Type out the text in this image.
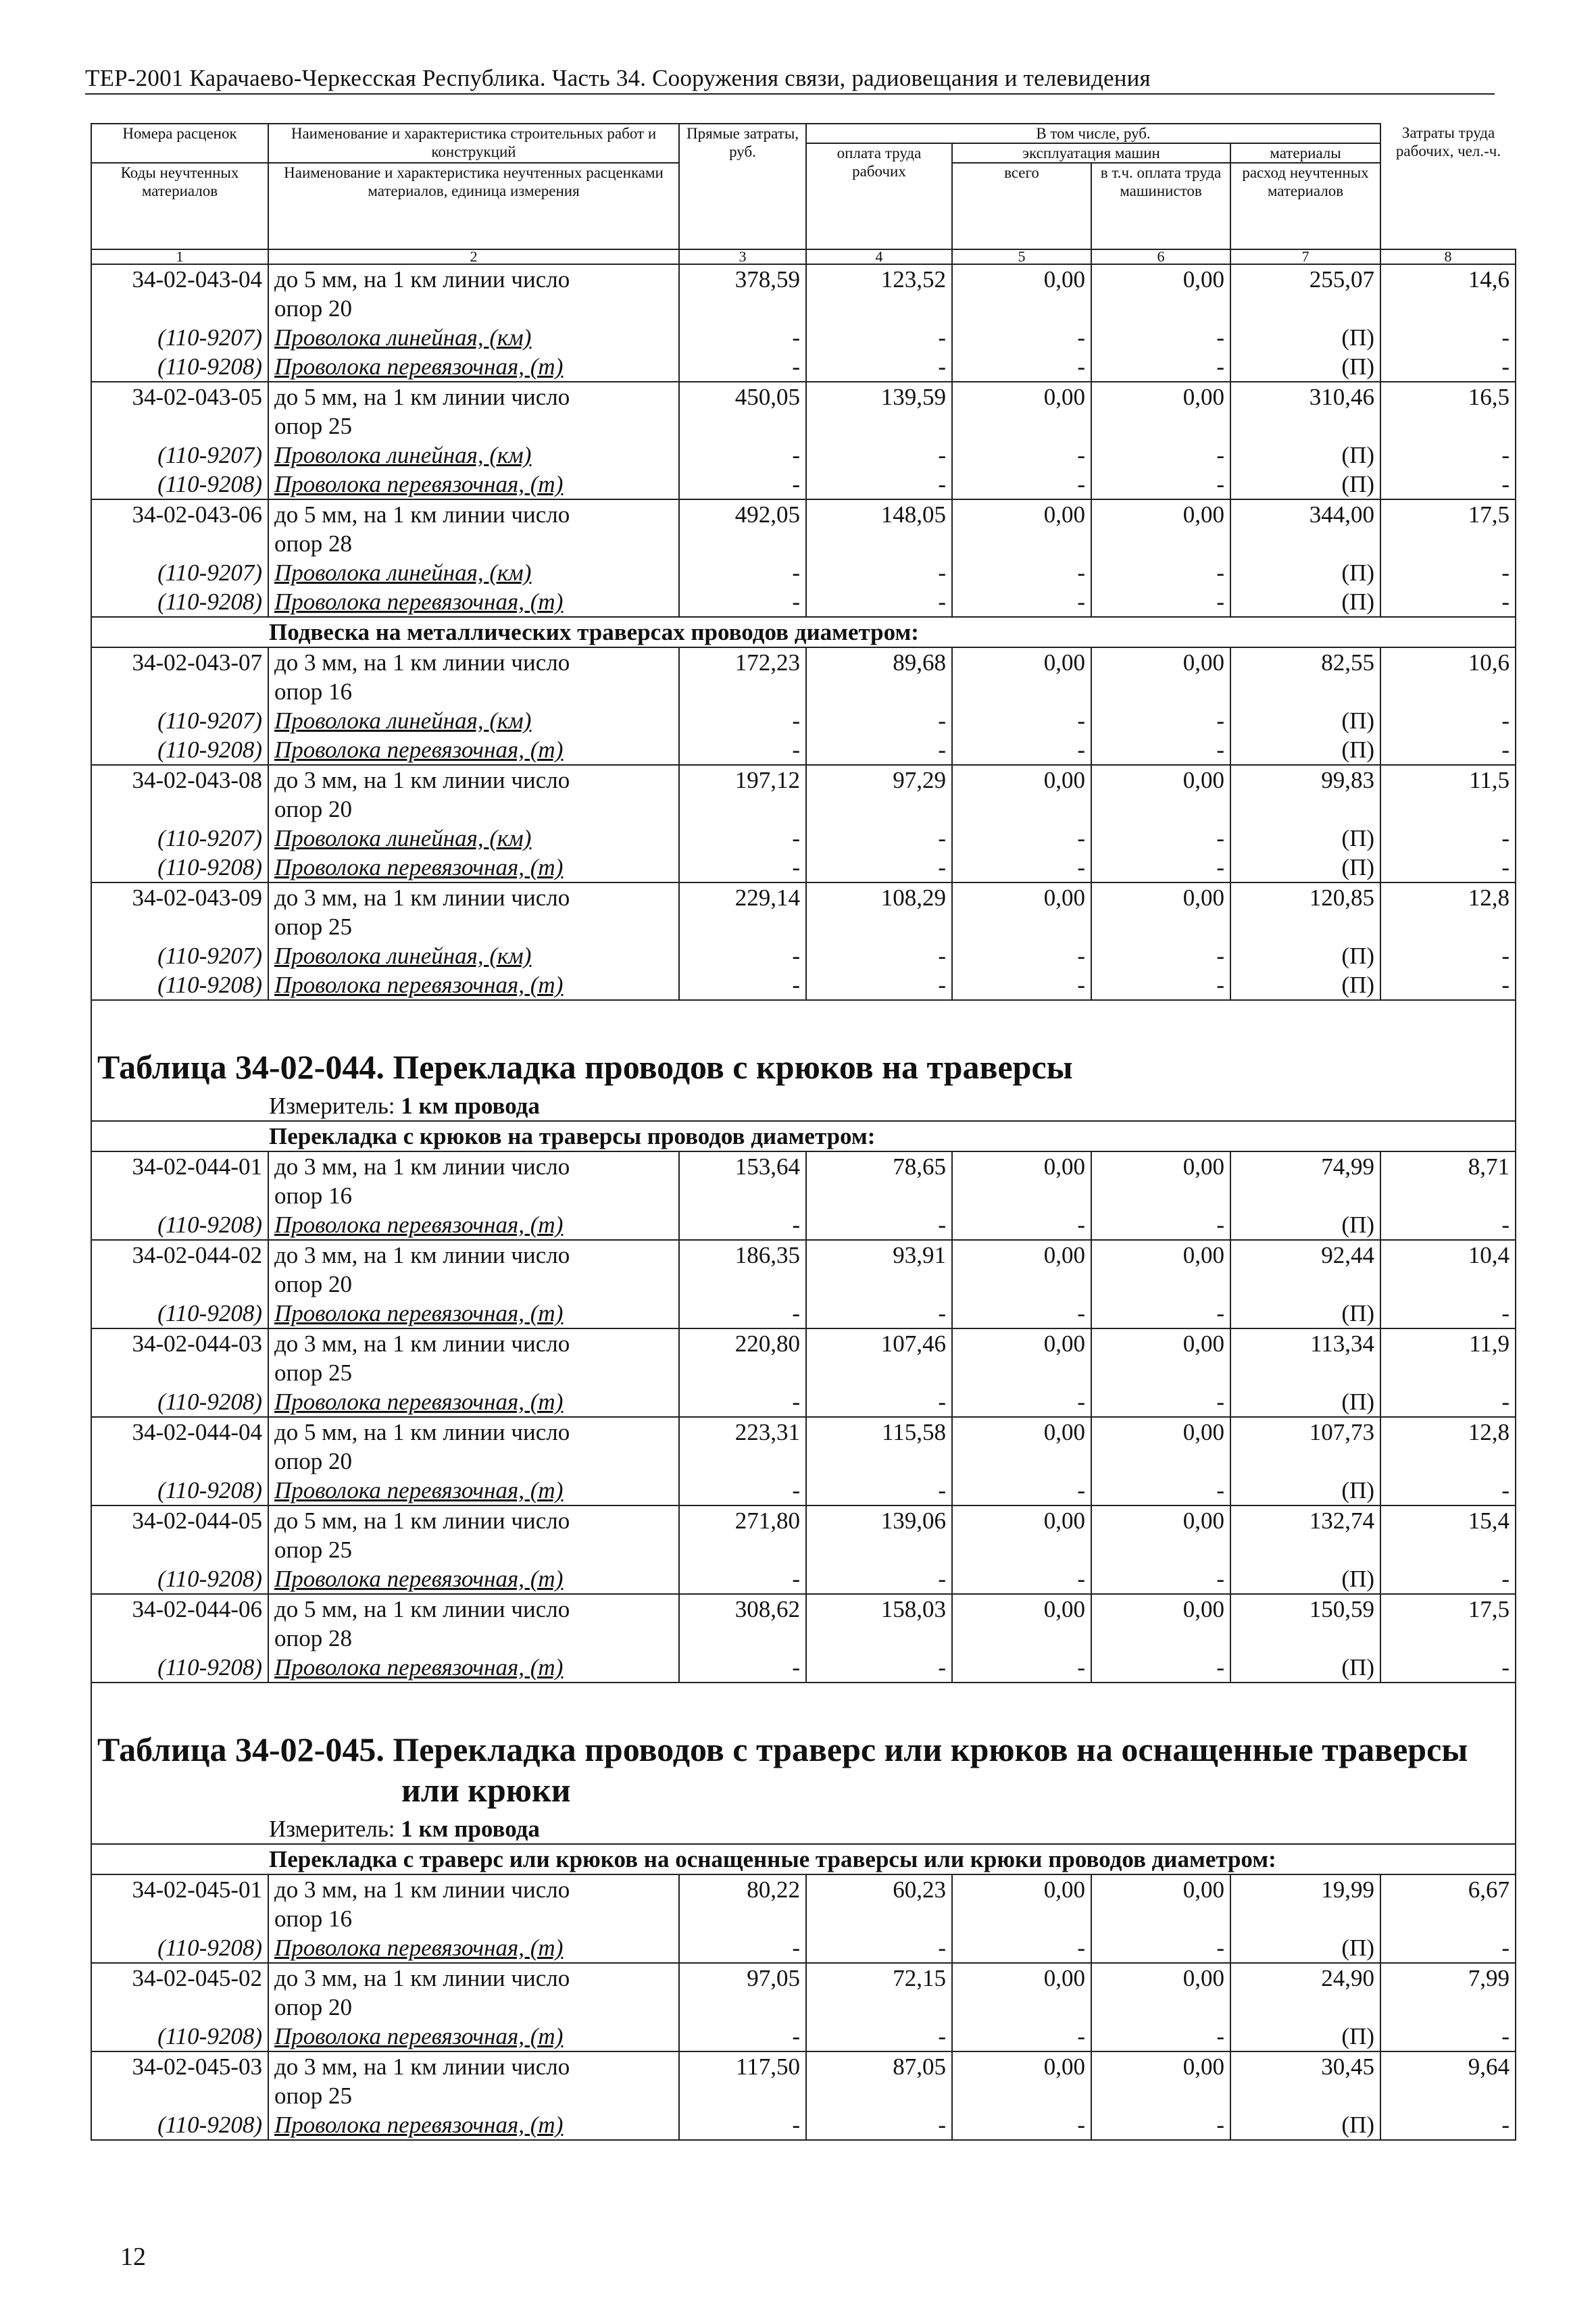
ТЕР-2001 Карачаево-Черкесская Республика. Часть 34. Сооружения связи, радиовещания и телевидения
Номера расценок	Наименование и характеристика строительных работ и конструкций	Прямые затраты, руб.	В том числе, руб.				Затраты труда рабочих, чел.-ч.
			оплата труда рабочих	эксплуатация машин		материалы	
Коды неучтенных материалов	Наименование и характеристика неучтенных расценками материалов, единица измерения			всего	в т.ч. оплата труда машинистов	расход неучтенных материалов	

1	2	3	4	5	6	7	8
34-02-043-04	до 5 мм, на 1 км линии число	378,59	123,52	0,00	0,00	255,07	14,6
	опор 20						
(110-9207)	Проволока линейная, (км)	-	-	-	-	(П)	-
(110-9208)	Проволока перевязочная, (т)	-	-	-	-	(П)	-
34-02-043-05	до 5 мм, на 1 км линии число	450,05	139,59	0,00	0,00	310,46	16,5
	опор 25						
(110-9207)	Проволока линейная, (км)	-	-	-	-	(П)	-
(110-9208)	Проволока перевязочная, (т)	-	-	-	-	(П)	-
34-02-043-06	до 5 мм, на 1 км линии число	492,05	148,05	0,00	0,00	344,00	17,5
	опор 28						
(110-9207)	Проволока линейная, (км)	-	-	-	-	(П)	-
(110-9208)	Проволока перевязочная, (т)	-	-	-	-	(П)	-
Подвеска на металлических траверсах проводов диаметром:							
34-02-043-07	до 3 мм, на 1 км линии число	172,23	89,68	0,00	0,00	82,55	10,6
	опор 16						
(110-9207)	Проволока линейная, (км)	-	-	-	-	(П)	-
(110-9208)	Проволока перевязочная, (т)	-	-	-	-	(П)	-
34-02-043-08	до 3 мм, на 1 км линии число	197,12	97,29	0,00	0,00	99,83	11,5
	опор 20						
(110-9207)	Проволока линейная, (км)	-	-	-	-	(П)	-
(110-9208)	Проволока перевязочная, (т)	-	-	-	-	(П)	-
34-02-043-09	до 3 мм, на 1 км линии число	229,14	108,29	0,00	0,00	120,85	12,8
	опор 25						
(110-9207)	Проволока линейная, (км)	-	-	-	-	(П)	-
(110-9208)	Проволока перевязочная, (т)	-	-	-	-	(П)	-

Таблица 34-02-044. Перекладка проводов с крюков на траверсы							
Измеритель: 1 км провода							
Перекладка с крюков на траверсы проводов диаметром:							
34-02-044-01	до 3 мм, на 1 км линии число	153,64	78,65	0,00	0,00	74,99	8,71
	опор 16						
(110-9208)	Проволока перевязочная, (т)	-	-	-	-	(П)	-
34-02-044-02	до 3 мм, на 1 км линии число	186,35	93,91	0,00	0,00	92,44	10,4
	опор 20						
(110-9208)	Проволока перевязочная, (т)	-	-	-	-	(П)	-
34-02-044-03	до 3 мм, на 1 км линии число	220,80	107,46	0,00	0,00	113,34	11,9
	опор 25						
(110-9208)	Проволока перевязочная, (т)	-	-	-	-	(П)	-
34-02-044-04	до 5 мм, на 1 км линии число	223,31	115,58	0,00	0,00	107,73	12,8
	опор 20						
(110-9208)	Проволока перевязочная, (т)	-	-	-	-	(П)	-
34-02-044-05	до 5 мм, на 1 км линии число	271,80	139,06	0,00	0,00	132,74	15,4
	опор 25						
(110-9208)	Проволока перевязочная, (т)	-	-	-	-	(П)	-
34-02-044-06	до 5 мм, на 1 км линии число	308,62	158,03	0,00	0,00	150,59	17,5
	опор 28						
(110-9208)	Проволока перевязочная, (т)	-	-	-	-	(П)	-

Таблица 34-02-045. Перекладка проводов с траверс или крюков на оснащенные траверсы
или крюки							

Измеритель: 1 км провода							
Перекладка с траверс или крюков на оснащенные траверсы или крюки проводов диаметром:							
34-02-045-01	до 3 мм, на 1 км линии число	80,22	60,23	0,00	0,00	19,99	6,67
	опор 16						
(110-9208)	Проволока перевязочная, (т)	-	-	-	-	(П)	-
34-02-045-02	до 3 мм, на 1 км линии число	97,05	72,15	0,00	0,00	24,90	7,99
	опор 20						
(110-9208)	Проволока перевязочная, (т)	-	-	-	-	(П)	-
34-02-045-03	до 3 мм, на 1 км линии число	117,50	87,05	0,00	0,00	30,45	9,64
	опор 25						
(110-9208)	Проволока перевязочная, (т)	-	-	-	-	(П)	-
12
